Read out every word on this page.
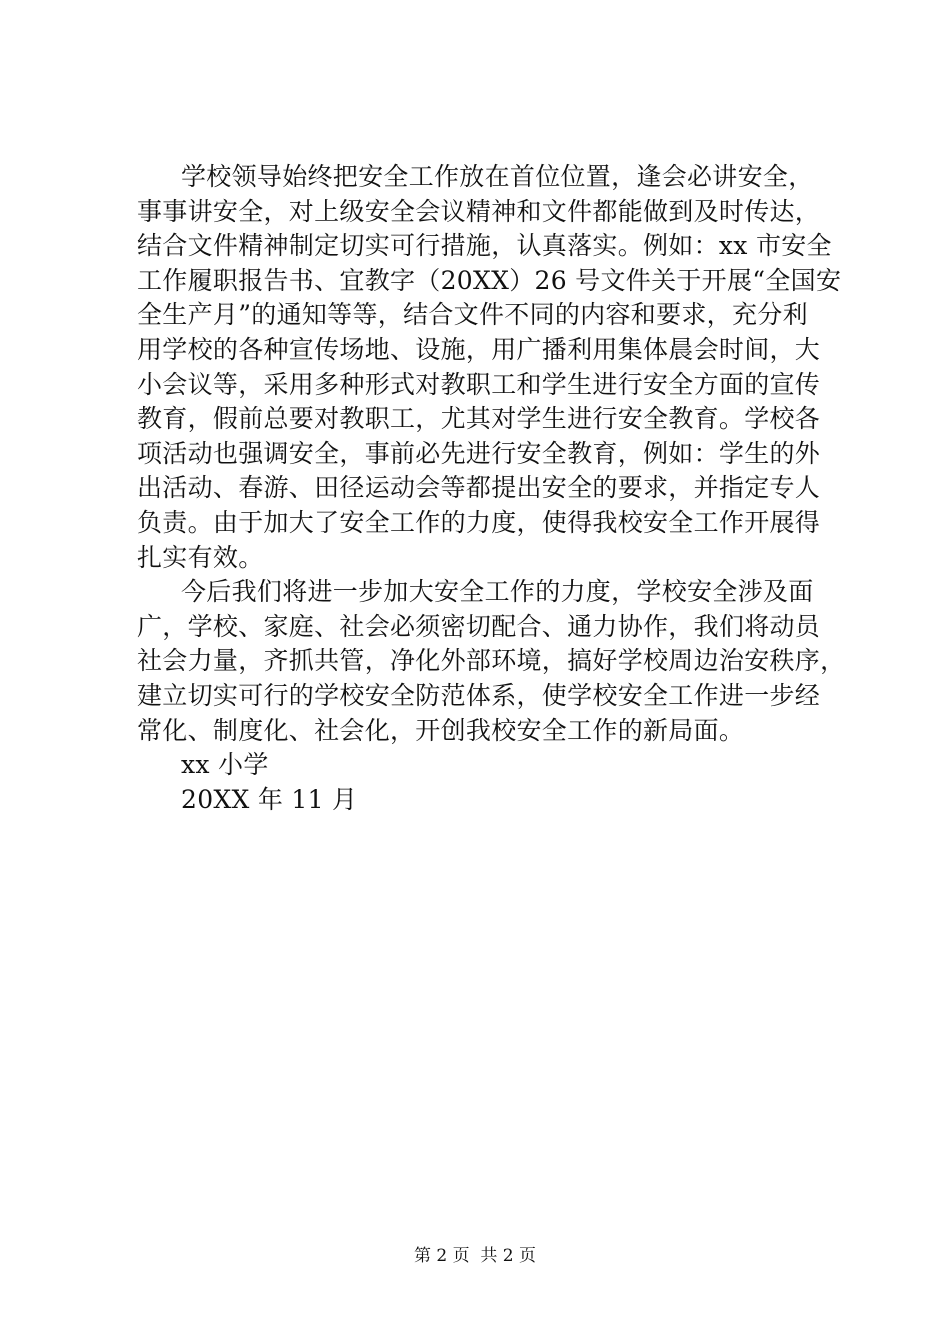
学校领导始终把安全工作放在首位位置，逢会必讲安全，
事事讲安全，对上级安全会议精神和文件都能做到及时传达，
结合文件精神制定切实可行措施，认真落实。例如：xx 市安全
工作履职报告书、宜教字（20XX）26 号文件关于开展“全国安
全生产月”的通知等等，结合文件不同的内容和要求，充分利
用学校的各种宣传场地、设施，用广播利用集体晨会时间，大
小会议等，采用多种形式对教职工和学生进行安全方面的宣传
教育，假前总要对教职工，尤其对学生进行安全教育。学校各
项活动也强调安全，事前必先进行安全教育，例如：学生的外
出活动、春游、田径运动会等都提出安全的要求，并指定专人
负责。由于加大了安全工作的力度，使得我校安全工作开展得
扎实有效。
今后我们将进一步加大安全工作的力度，学校安全涉及面
广，学校、家庭、社会必须密切配合、通力协作，我们将动员
社会力量，齐抓共管，净化外部环境，搞好学校周边治安秩序，
建立切实可行的学校安全防范体系，使学校安全工作进一步经
常化、制度化、社会化，开创我校安全工作的新局面。
xx 小学
20XX 年 11 月
第 2 页  共 2 页
